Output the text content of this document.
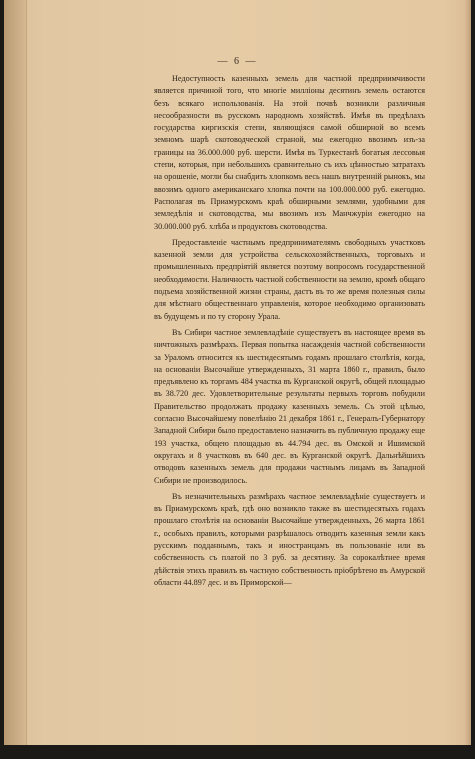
— 6 —

Недоступность казенныхъ земель для частной предприимчивости является причиной того, что многіе милліоны десятинъ земель остаются безъ всякаго использованія. На этой почвѣ возникли различныя несообразности въ русскомъ народномъ хозяйствѣ. Имѣя въ предѣлахъ государства киргизскія степи, являющіяся самой обширной во всемъ земномъ шарѣ скотоводческой страной, мы ежегодно ввозимъ изъ-за границы на 36.000.000 руб. шерсти. Имѣя въ Туркестанѣ богатыя лессовыя степи, которыя, при небольшихъ сравнительно съ ихъ цѣнностью затратахъ на орошеніе, могли бы снабдить хлопкомъ весь нашъ внутренній рынокъ, мы ввозимъ одного американскаго хлопка почти на 100.000.000 руб. ежегодно. Располагая въ Приамурскомъ краѣ обширными землями, удобными для земледѣлія и скотоводства, мы ввозимъ изъ Манчжуріи ежегодно на 30.000.000 руб. хлѣба и продуктовъ скотоводства.

Предоставленіе частнымъ предпринимателямъ свободныхъ участковъ казенной земли для устройства сельскохозяйственныхъ, торговыхъ и промышленныхъ предпріятій является поэтому вопросомъ государственной необходимости. Наличность частной собственности на землю, кромѣ общаго подъема хозяйственной жизни страны, дастъ въ то же время полезныя силы для мѣстнаго общественнаго управленія, которое необходимо организовать въ будущемъ и по ту сторону Урала.

Въ Сибири частное землевладѣніе существуетъ въ настоящее время въ ничтожныхъ размѣрахъ. Первая попытка насажденія частной собственности за Ураломъ относится къ шестидесятымъ годамъ прошлаго столѣтія, когда, на основаніи Высочайше утвержденныхъ, 31 марта 1860 г., правилъ, было предъявлено къ торгамъ 484 участка въ Курганской округѣ, общей площадью въ 38.720 дес. Удовлетворительные результаты первыхъ торговъ побудили Правительство продолжать продажу казенныхъ земель. Съ этой цѣлью, согласно Высочайшему повелѣнію 21 декабря 1861 г., Генералъ-Губернатору Западной Сибири было предоставлено назначить въ публичную продажу еще 193 участка, общею площадью въ 44.794 дес. въ Омской и Ишимской округахъ и 8 участковъ въ 640 дес. въ Курганской округѣ. Дальнѣйшихъ отводовъ казенныхъ земель для продажи частнымъ лицамъ въ Западной Сибири не производилось.

Въ незначительныхъ размѣрахъ частное землевладѣніе существуетъ и въ Приамурскомъ краѣ, гдѣ оно возникло также въ шестидесятыхъ годахъ прошлаго столѣтія на основаніи Высочайше утвержденныхъ, 26 марта 1861 г., особыхъ правилъ, которыми разрѣшалось отводить казенныя земли какъ русскимъ подданнымъ, такъ и иностранцамъ въ пользованіе или въ собственность съ платой по 3 руб. за десятину. За сорокалѣтнее время дѣйствія этихъ правилъ въ частную собственность пріобрѣтено въ Амурской области 44.897 дес. и въ Приморской—
